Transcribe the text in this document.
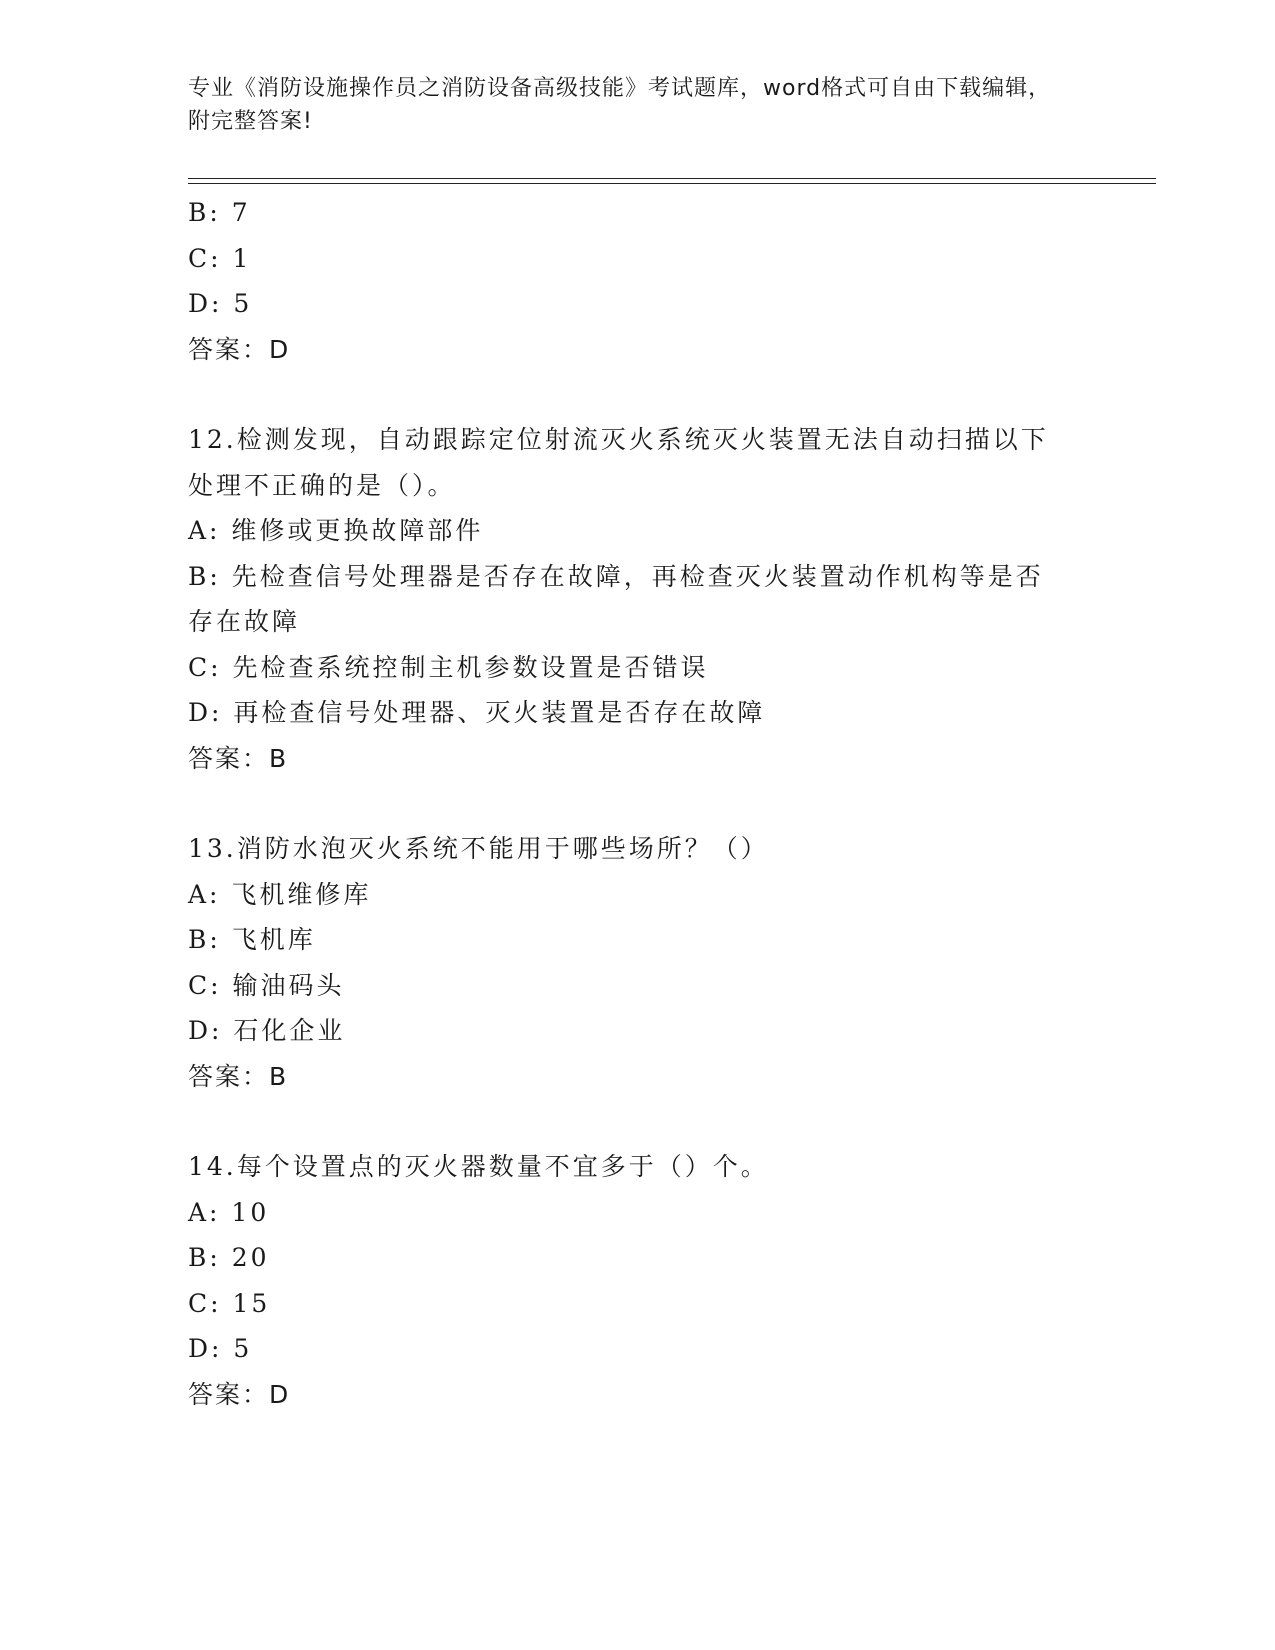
专业《消防设施操作员之消防设备高级技能》考试题库，word格式可自由下载编辑，附完整答案!
B: 7
C: 1
D: 5
答案：D
12.检测发现，自动跟踪定位射流灭火系统灭火装置无法自动扫描以下处理不正确的是（）。
A: 维修或更换故障部件
B: 先检查信号处理器是否存在故障，再检查灭火装置动作机构等是否存在故障
C: 先检查系统控制主机参数设置是否错误
D: 再检查信号处理器、灭火装置是否存在故障
答案：B
13.消防水泡灭火系统不能用于哪些场所？（）
A: 飞机维修库
B: 飞机库
C: 输油码头
D: 石化企业
答案：B
14.每个设置点的灭火器数量不宜多于（）个。
A: 10
B: 20
C: 15
D: 5
答案：D
